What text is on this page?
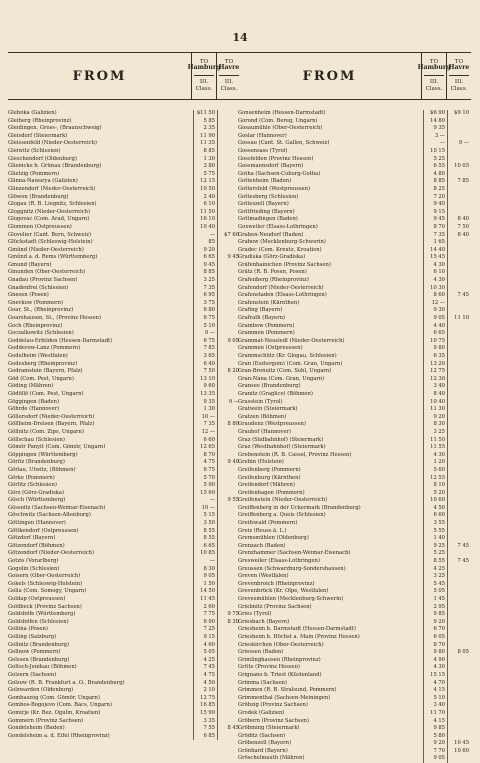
14
FROM
TO
Hamburg
III. Class.
TO
Havre
III. Class.
Gleboka (Galizien)	$11 50
Gleiberg (Rheinprovinz)	5 85
Gleidingen, Gross-, (Braunschweig)	2 35
Gleisdorf (Steiermark)	11 90
Gleissenfeld (Nieder-Oesterreich)	11 35
Gleiwitz (Schlesien)	8 85
Gleschendorf (Oldenburg)	1 30
Glienicke b. Grünau (Brandenburg)	3 80
Glietzig (Pommern)	5 75
Glinna-Nawarya (Galizien)	12 15
Glinzendorf (Nieder-Oesterreich)	10 50
Glöwen (Brandenburg)	2 40
Glogau (R. B. Liegnitz, Schlesien)	6 10
Gloggnitz (Nieder-Oesterreich)	11 50
Glogovác (Com. Arad, Ungarn)	16 10
Glommen (Ostpreussen)	10 40
Glovelier (Cant. Bern, Schweiz)	—	$7 60
Glückstadt (Schleswig-Holstein)	85
Gmünd (Nieder-Oesterreich)	9 20
Gmünd a. d. Rems (Württemberg)	6 65	9 45
Gmund (Bayern)	9 45
Gmunden (Ober-Oesterreich)	8 85
Gnadau (Provinz Sachsen)	3 25
Gnadenfrei (Schlesien)	7 35
Gnesen (Posen)	6 95
Gnevkow (Pommern)	3 75
Goar, St., (Rheinprovinz)	6 80
Goarshausen, St., (Provinz Hessen)	6 75
Goch (Rheinprovinz)	5 10
Goczalkowitz (Schlesien)	9 —
Goddelau-Erfelden (Hessen-Darmstadt)	6 75	9 05
Godderow-Lanz (Pommern)	7 85
Godelheim (Westfalen)	3 65
Godesberg (Rheinprovinz)	6 40
Godramstein (Bayern, Pfalz)	7 50	8 20
Göd (Com. Pest, Ungarn)	13 10
Göding (Mähren)	9 60
Gödöllö (Com. Pest, Ungarn)	13 35
Göggingen (Baden)	9 35	9 —
Göhrde (Hannover)	1 30
Göllersdorf (Nieder-Oesterreich)	10 —
Göllheim-Dreisen (Bayern, Pfalz)	7 35	8 80
Göllnitz (Com. Zips, Ungarn)	12 —
Göllschau (Schlesien)	6 60
Gömör Panyit (Com. Gömör, Ungarn)	12 65
Göppingen (Württemberg)	8 70
Göritz (Brandenburg)	4 75	9 40
Görlau, Utwitz, (Böhmen)	6 75
Görke (Pommern)	5 70
Görlitz (Schlesien)	5 90
Görz (Görz-Gradiska)	15 60
Gösch (Württemberg)	—	9 55
Gössnitz (Sachsen-Weimar-Eisenach)	10 —
Göschwitz (Sachsen-Altenburg)	5 15
Göttingen (Hannover)	3 50
Göttkendorf (Ostpreussen)	8 55
Götzdorf (Bayern)	8 55
Götzendorf (Böhmen)	6 65
Götzendorf (Nieder-Oesterreich)	10 85
Gotzis (Vorarlberg)	—
Gogolin (Schlesien)	8 30
Goisern (Ober-Oesterreich)	9 05
Gokels (Schleswig-Holstein)	1 50
Golia (Com. Somogy, Ungarn)	14 50
Goldap (Ostpreussen)	11 45
Goldbeck (Provinz Sachsen)	2 60
Goldshöfe (Württemberg)	7 75	9 75
Goldshöfen (Schlesien)	6 90	8 30
Gollina (Posen)	7 25
Golling (Salzburg)	9 15
Gollnitz (Brandenburg)	4 60
Gollnow (Pommern)	5 05
Golssen (Brandenburg)	4 25
Goltsch-Jenikau (Böhmen)	7 45
Golzern (Sachsen)	4 75
Golzow (R. B. Frankfurt a. O., Brandenburg)	4 50
Golzwarden (Oldenburg)	2 10
Gombaszóg (Com. Gömör, Ungarn)	12 75
Gombos-Bogojevo (Com. Bács, Ungarn)	16 85
Gomirje (Kr. Bez. Ogulin, Kroatien)	15 90
Gommern (Provinz Sachsen)	3 35
Gondelsheim (Baden)	7 55	8 45
Gondelsheim a. d. Eifel (Rheinprovinz)	6 85
FROM
TO
Hamburg
III. Class.
TO
Havre
III. Class.
Gonsenheim (Hessen-Darmstadt)	$6 90	$9 10
Gorond (Com. Bereg, Ungarn)	14 80
Gosaumühle (Ober-Oesterreich)	9 35
Goslar (Hannover)	3 —
Gossau (Cant. St. Gallen, Schweiz)	—	9 —
Gossensass (Tyrol)	10 15
Gossfelden (Provinz Hessen)	5 25
Gossmannsdorf (Bayern)	6 55	10 05
Gotha (Sachsen-Coburg-Gotha)	4 80
Gottenheim (Baden)	8 85	7 85
Gottersfeld (Westpreussen)	8 25
Gottesberg (Schlesien)	7 20
Gotteszell (Bayern)	9 40
Gottfrieding (Bayern)	9 15
Gottmadingen (Baden)	9 45	8 40
Goxweiler (Elsass-Lothringen)	8 70	7 50
Graben-Neudorf (Baden)	7 35	8 40
Grabow (Mecklenburg-Schwerin)	1 65
Gradec (Com. Kreutz, Kroatien)	14 40
Gradiska (Görz-Gradiska)	15 45
Gräfenhainichen (Provinz Sachsen)	4 30
Grätz (R. B. Posen, Posen)	6 10
Grafenberg (Rheinprovinz)	4 30
Grafendorf (Nieder-Oesterreich)	10 30
Grafenstaden (Elsass-Lothringen)	8 60	7 45
Grafenstein (Kärnthen)	12 —
Grafing (Bayern)	9 30
Grafrath (Bayern)	9 05	11 10
Grambow (Pommern)	4 40
Grammen (Pommern)	6 65
Grammat-Neusiedl (Nieder-Oesterreich)	10 75
Grammen (Ostpreussen)	9 80
Grammschütz (Kr. Glogau, Schlesien)	6 35
Gran (Esztergom) (Com. Gran, Ungarn)	13 20
Gran-Brenuitz (Com. Sohl, Ungarn)	12 75
Gran-Nána (Com. Gran, Ungarn)	12 30
Gransee (Brandenburg)	3 40
Granitz (Graglice) (Böhmen)	8 40
Grasstein (Tyrol)	10 40
Gratwein (Steiermark)	11 30
Gratzen (Böhmen)	9 20
Graudenz (Westpreussen)	8 30
Grauhof (Hannover)	3 25
Graz (Südbahnhof) (Steiermark)	11 50
Graz (Westbahnhof) (Steiermark)	11 55
Grebenstein (R. B. Cassel, Provinz Hessen)	4 30
Grebin (Holstein)	1 20
Greifenberg (Pommern)	5 60
Greifenburg (Kärnthen)	12 55
Greifendorf (Mähren)	8 10
Greifenhagen (Pommern)	5 20
Greifenstein (Nieder-Oesterreich)	10 60
Greiffenberg in der Uckermark (Brandenburg)	4 50
Greiffenberg a. Queis (Schlesien)	6 60
Greifswald (Pommern)	3 55
Greiz (Reuss ä. L.)	5 55
Gremsmühlen (Oldenburg)	1 40
Grenzach (Baden)	9 25	7 45
Grenzhammer (Sachsen-Weimar-Eisenach)	5 25
Gresweiler (Elsass-Lothringen)	8 55	7 45
Greussen (Schwarzburg-Sondershausen)	4 25
Greven (Westfalen)	3 25
Grevenbroich (Rheinprovinz)	5 45
Grevenbrück (Kr. Olpe, Westfalen)	5 05
Grevesmühlen (Mecklenburg-Schwerin)	1 45
Griebnitz (Provinz Sachsen)	2 95
Gries (Tyrol)	9 85
Griesbach (Bayern)	9 20
Griesheim b. Darmstadt (Hessen-Darmstadt)	6 70
Griesheim b. Höchst a. Main (Provinz Hessen)	6 05
Grieskirchen (Ober-Oesterreich)	8 70
Griessen (Baden)	9 80	8 05
Grimlinghausen (Rheinprovinz)	4 90
Gritte (Provinz Hessen)	4 30
Grignano b. Triest (Küstenland)	15 15
Grimma (Sachsen)	4 70
Grimmen (R. B. Stralsund, Pommern)	4 15
Grimmenthal (Sachsen-Meiningen)	5 10
Gröbzig (Provinz Sachsen)	3 40
Grodek (Galizien)	11 70
Gröbern (Provinz Sachsen)	4 15
Gröbming (Steiermark)	9 85
Gröditz (Sachsen)	5 80
Gröbenzell (Bayern)	9 20	10 45
Grönhard (Bayern)	7 70	10 60
Gröschelmauth (Mähren)	9 05
